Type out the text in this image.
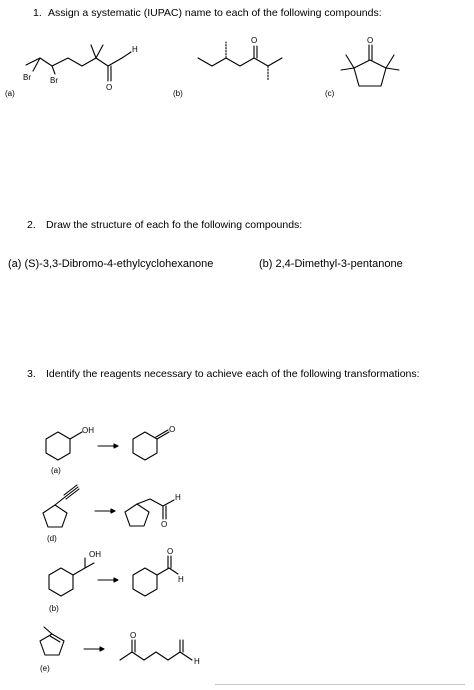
1. Assign a systematic (IUPAC) name to each of the following compounds:
Br Br
O
H
O	O
(a)	(b)	(c)
2. Draw the structure of each fo the following compounds:
(a) (S)-3,3-Dibromo-4-ethylcyclohexanone	(b) 2,4-Dimethyl-3-pentanone
3. Identify the reagents necessary to achieve each of the following transformations:
OH	O
O
H
OH	O
H
O
H
(a)
(d)
(b)
(e)
